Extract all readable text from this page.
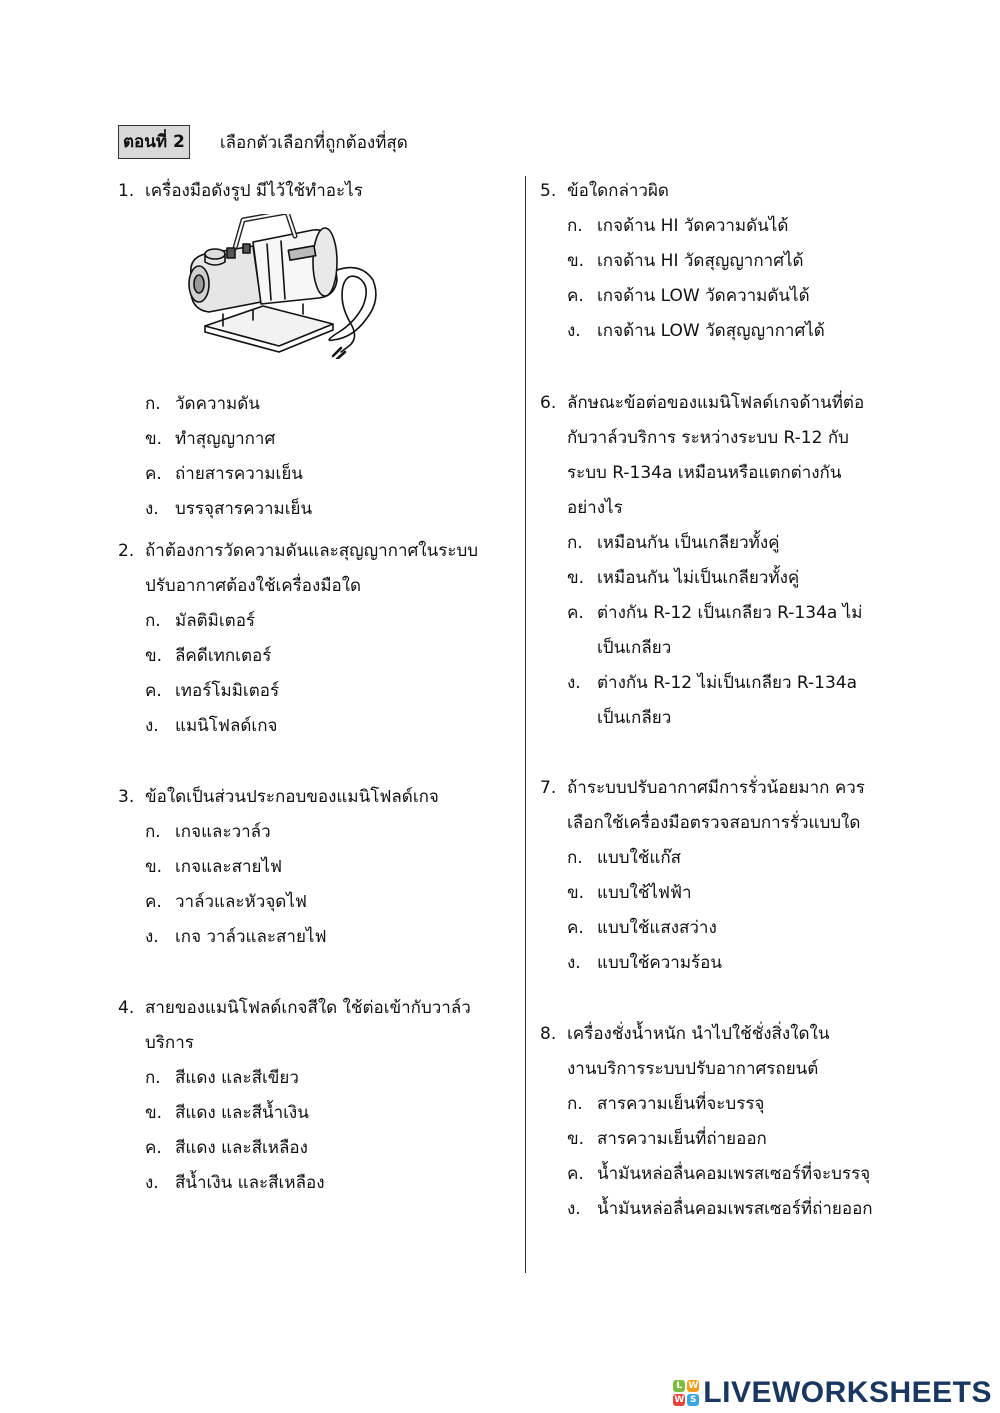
ตอนที่ 2 เลือกตัวเลือกที่ถูกต้องที่สุด
1. เครื่องมือดังรูป มีไว้ใช้ทำอะไร
ก. วัดความดัน
ข. ทำสุญญากาศ
ค. ถ่ายสารความเย็น
ง. บรรจุสารความเย็น
2. ถ้าต้องการวัดความดันและสุญญากาศในระบบ
ปรับอากาศต้องใช้เครื่องมือใด
ก. มัลติมิเตอร์
ข. ลีคดีเทกเตอร์
ค. เทอร์โมมิเตอร์
ง. แมนิโฟลด์เกจ
3. ข้อใดเป็นส่วนประกอบของแมนิโฟลด์เกจ
ก. เกจและวาล์ว
ข. เกจและสายไฟ
ค. วาล์วและหัวจุดไฟ
ง. เกจ วาล์วและสายไฟ
4. สายของแมนิโฟลด์เกจสีใด ใช้ต่อเข้ากับวาล์ว
บริการ
ก. สีแดง และสีเขียว
ข. สีแดง และสีน้ำเงิน
ค. สีแดง และสีเหลือง
ง. สีน้ำเงิน และสีเหลือง
5. ข้อใดกล่าวผิด
ก. เกจด้าน HI วัดความดันได้
ข. เกจด้าน HI วัดสุญญากาศได้
ค. เกจด้าน LOW วัดความดันได้
ง. เกจด้าน LOW วัดสุญญากาศได้
6. ลักษณะข้อต่อของแมนิโฟลด์เกจด้านที่ต่อ
กับวาล์วบริการ ระหว่างระบบ R-12 กับ
ระบบ R-134a เหมือนหรือแตกต่างกัน
อย่างไร
ก. เหมือนกัน เป็นเกลียวทั้งคู่
ข. เหมือนกัน ไม่เป็นเกลียวทั้งคู่
ค. ต่างกัน R-12 เป็นเกลียว R-134a ไม่
เป็นเกลียว
ง. ต่างกัน R-12 ไม่เป็นเกลียว R-134a
เป็นเกลียว
7. ถ้าระบบปรับอากาศมีการรั่วน้อยมาก ควร
เลือกใช้เครื่องมือตรวจสอบการรั่วแบบใด
ก. แบบใช้แก๊ส
ข. แบบใช้ไฟฟ้า
ค. แบบใช้แสงสว่าง
ง. แบบใช้ความร้อน
8. เครื่องชั่งน้ำหนัก นำไปใช้ชั่งสิ่งใดใน
งานบริการระบบปรับอากาศรถยนต์
ก. สารความเย็นที่จะบรรจุ
ข. สารความเย็นที่ถ่ายออก
ค. น้ำมันหล่อลื่นคอมเพรสเซอร์ที่จะบรรจุ
ง. น้ำมันหล่อลื่นคอมเพรสเซอร์ที่ถ่ายออก
L W
W S LIVEWORKSHEETS
